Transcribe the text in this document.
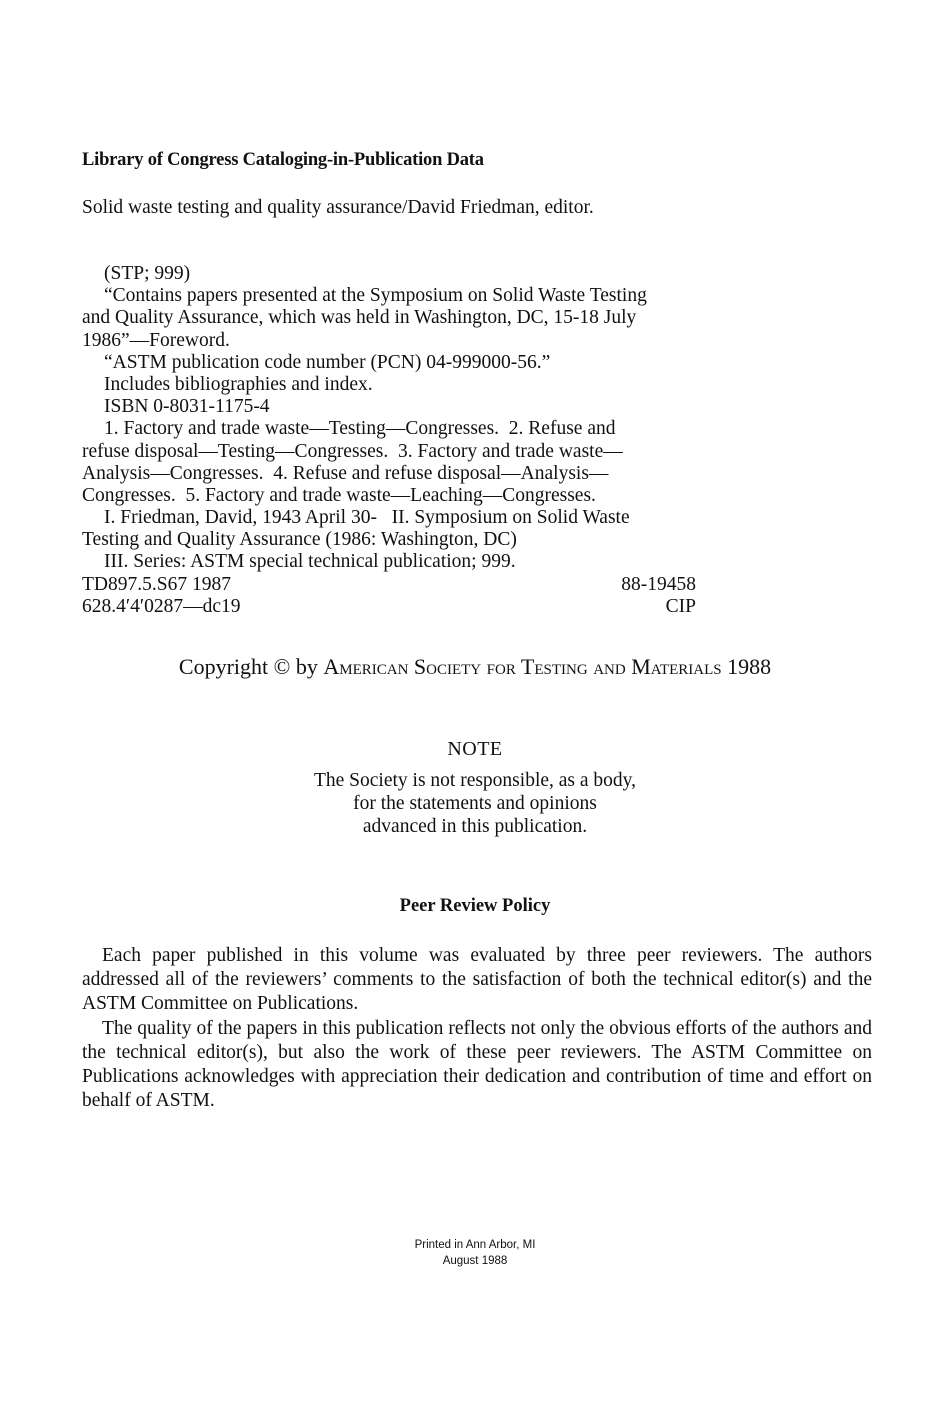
Library of Congress Cataloging-in-Publication Data
Solid waste testing and quality assurance/David Friedman, editor.
(STP; 999)
“Contains papers presented at the Symposium on Solid Waste Testing
and Quality Assurance, which was held in Washington, DC, 15-18 July
1986”—Foreword.
“ASTM publication code number (PCN) 04-999000-56.”
Includes bibliographies and index.
ISBN 0-8031-1175-4
1. Factory and trade waste—Testing—Congresses.  2. Refuse and
refuse disposal—Testing—Congresses.  3. Factory and trade waste—
Analysis—Congresses.  4. Refuse and refuse disposal—Analysis—
Congresses.  5. Factory and trade waste—Leaching—Congresses.
I. Friedman, David, 1943 April 30-   II. Symposium on Solid Waste
Testing and Quality Assurance (1986: Washington, DC)
III. Series: ASTM special technical publication; 999.
TD897.5.S67 1987	88-19458
628.4′4′0287—dc19	CIP
Copyright © by American Society for Testing and Materials 1988
NOTE
The Society is not responsible, as a body,
for the statements and opinions
advanced in this publication.
Peer Review Policy

Each paper published in this volume was evaluated by three peer reviewers. The authors addressed all of the reviewers’ comments to the satisfaction of both the technical editor(s) and the ASTM Committee on Publications.

The quality of the papers in this publication reflects not only the obvious efforts of the authors and the technical editor(s), but also the work of these peer reviewers. The ASTM Committee on Publications acknowledges with appreciation their dedication and contribution of time and effort on behalf of ASTM.

Printed in Ann Arbor, MI
August 1988
